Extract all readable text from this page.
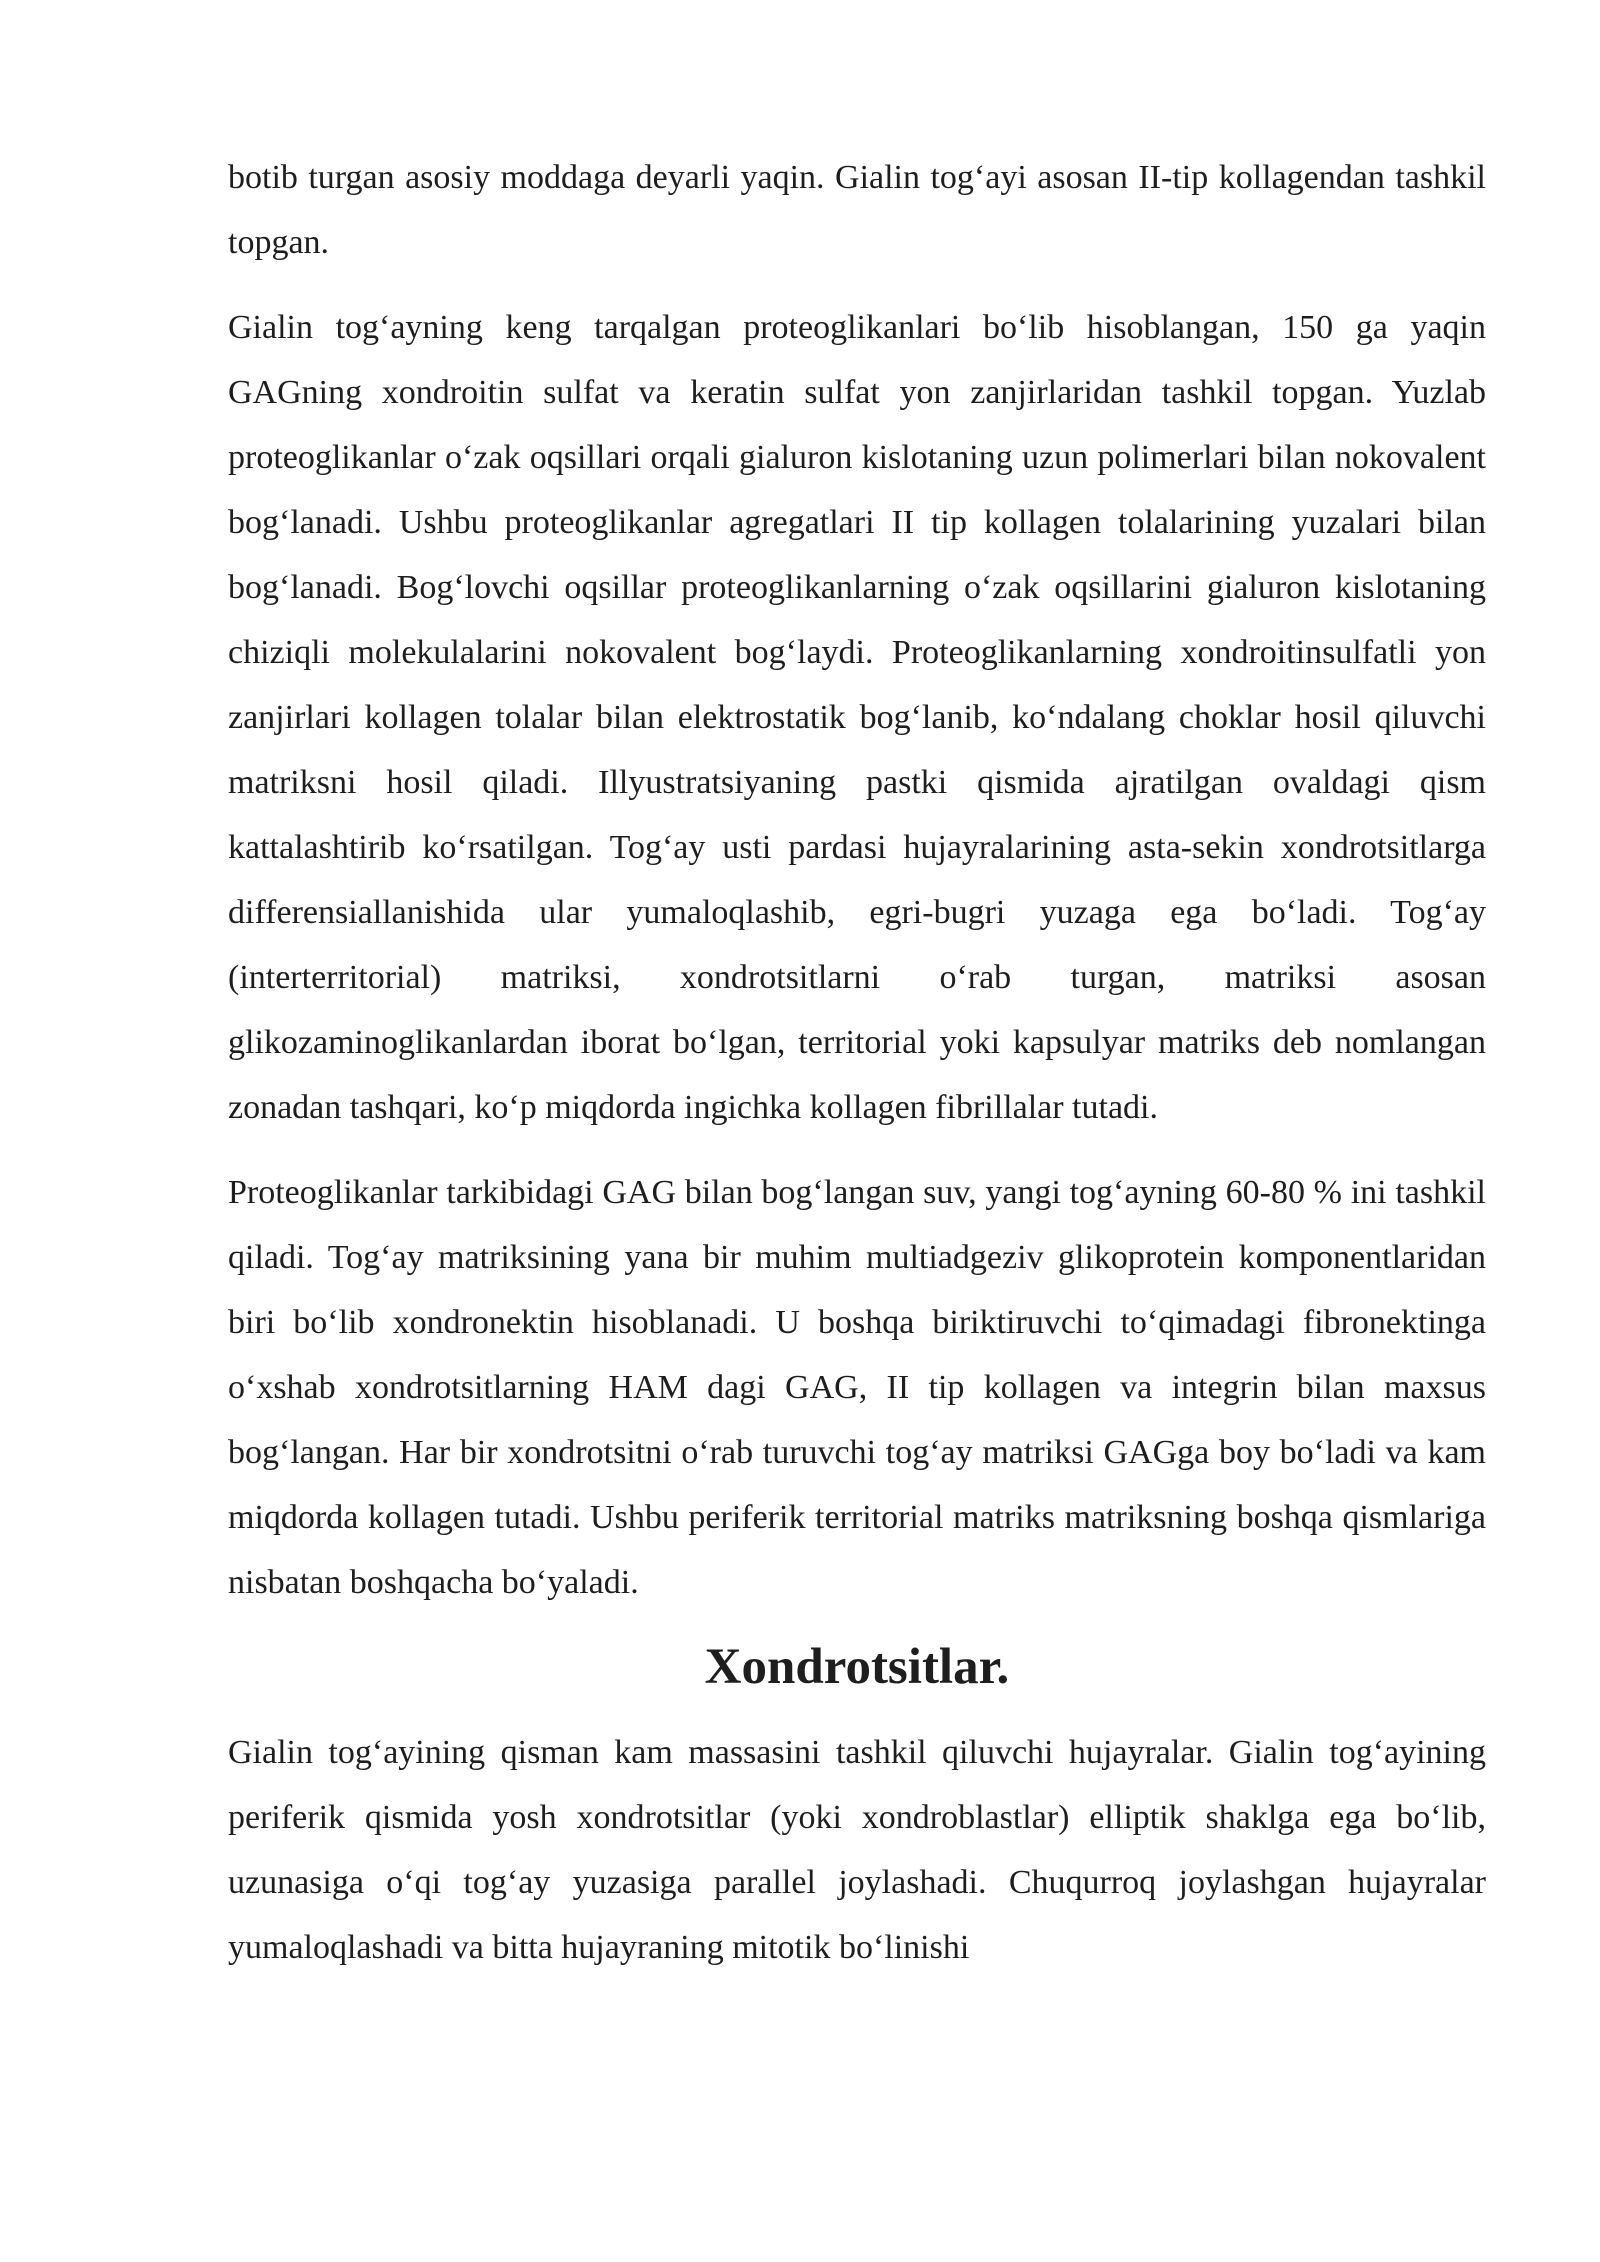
botib turgan asosiy moddaga deyarli yaqin. Gialin tog‘ayi asosan II-tip kollagendan tashkil topgan.

Gialin tog‘ayning keng tarqalgan proteoglikanlari bo‘lib hisoblangan, 150 ga yaqin GAGning xondroitin sulfat va keratin sulfat yon zanjirlaridan tashkil topgan. Yuzlab proteoglikanlar o‘zak oqsillari orqali gialuron kislotaning uzun polimerlari bilan nokovalent bog‘lanadi. Ushbu proteoglikanlar agregatlari II tip kollagen tolalarining yuzalari bilan bog‘lanadi. Bog‘lovchi oqsillar proteoglikanlarning o‘zak oqsillarini gialuron kislotaning chiziqli molekulalarini nokovalent bog‘laydi. Proteoglikanlarning xondroitinsulfatli yon zanjirlari kollagen tolalar bilan elektrostatik bog‘lanib, ko‘ndalang choklar hosil qiluvchi matriksni hosil qiladi. Illyustratsiyaning pastki qismida ajratilgan ovaldagi qism kattalashtirib ko‘rsatilgan. Tog‘ay usti pardasi hujayralarining asta-sekin xondrotsitlarga differensiallanishida ular yumaloqlashib, egri-bugri yuzaga ega bo‘ladi. Tog‘ay (interterritorial) matriksi, xondrotsitlarni o‘rab turgan, matriksi asosan glikozaminoglikanlardan iborat bo‘lgan, territorial yoki kapsulyar matriks deb nomlangan zonadan tashqari, ko‘p miqdorda ingichka kollagen fibrillalar tutadi.

Proteoglikanlar tarkibidagi GAG bilan bog‘langan suv, yangi tog‘ayning 60-80 % ini tashkil qiladi. Tog‘ay matriksining yana bir muhim multiadgeziv glikoprotein komponentlaridan biri bo‘lib xondronektin hisoblanadi. U boshqa biriktiruvchi to‘qimadagi fibronektinga o‘xshab xondrotsitlarning HAM dagi GAG, II tip kollagen va integrin bilan maxsus bog‘langan. Har bir xondrotsitni o‘rab turuvchi tog‘ay matriksi GAGga boy bo‘ladi va kam miqdorda kollagen tutadi. Ushbu periferik territorial matriks matriksning boshqa qismlariga nisbatan boshqacha bo‘yaladi.

Xondrotsitlar.

Gialin tog‘ayining qisman kam massasini tashkil qiluvchi hujayralar. Gialin tog‘ayining periferik qismida yosh xondrotsitlar (yoki xondroblastlar) elliptik shaklga ega bo‘lib, uzunasiga o‘qi tog‘ay yuzasiga parallel joylashadi. Chuqurroq joylashgan hujayralar yumaloqlashadi va bitta hujayraning mitotik bo‘linishi
